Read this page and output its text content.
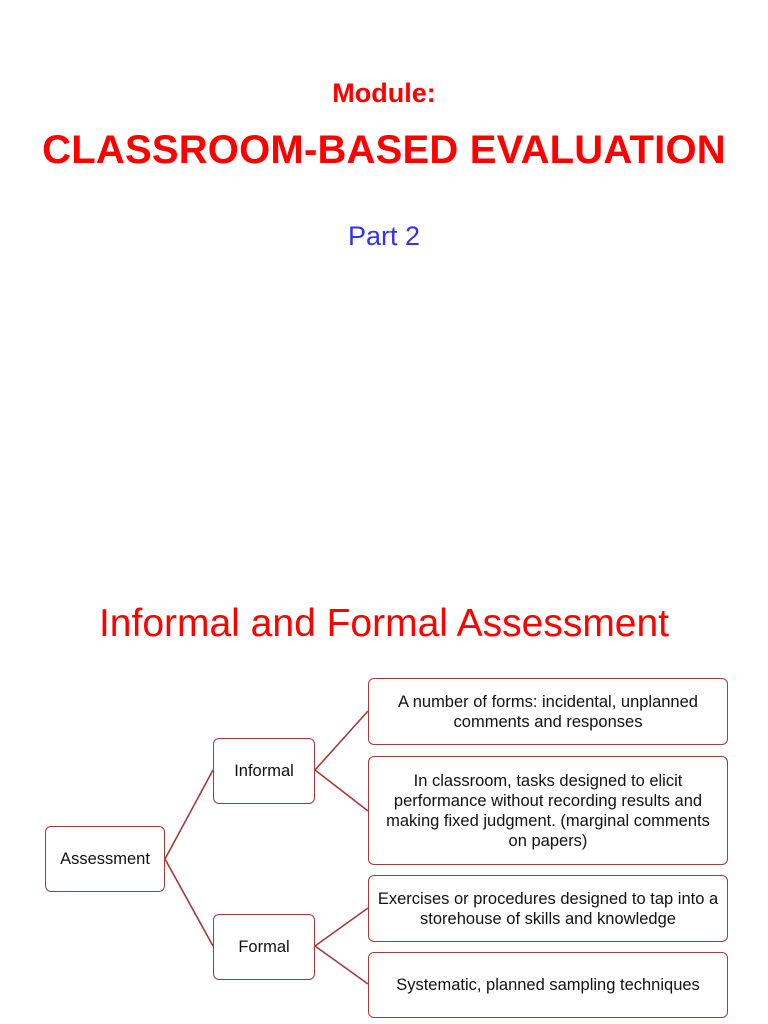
Module:
CLASSROOM-BASED EVALUATION
Part 2
Informal and Formal Assessment
Assessment
Informal
Formal
A number of forms: incidental, unplanned comments and responses
In classroom, tasks designed to elicit performance without recording results and making fixed judgment. (marginal comments on papers)
Exercises or procedures designed to tap into a storehouse of skills and knowledge
Systematic, planned sampling techniques
